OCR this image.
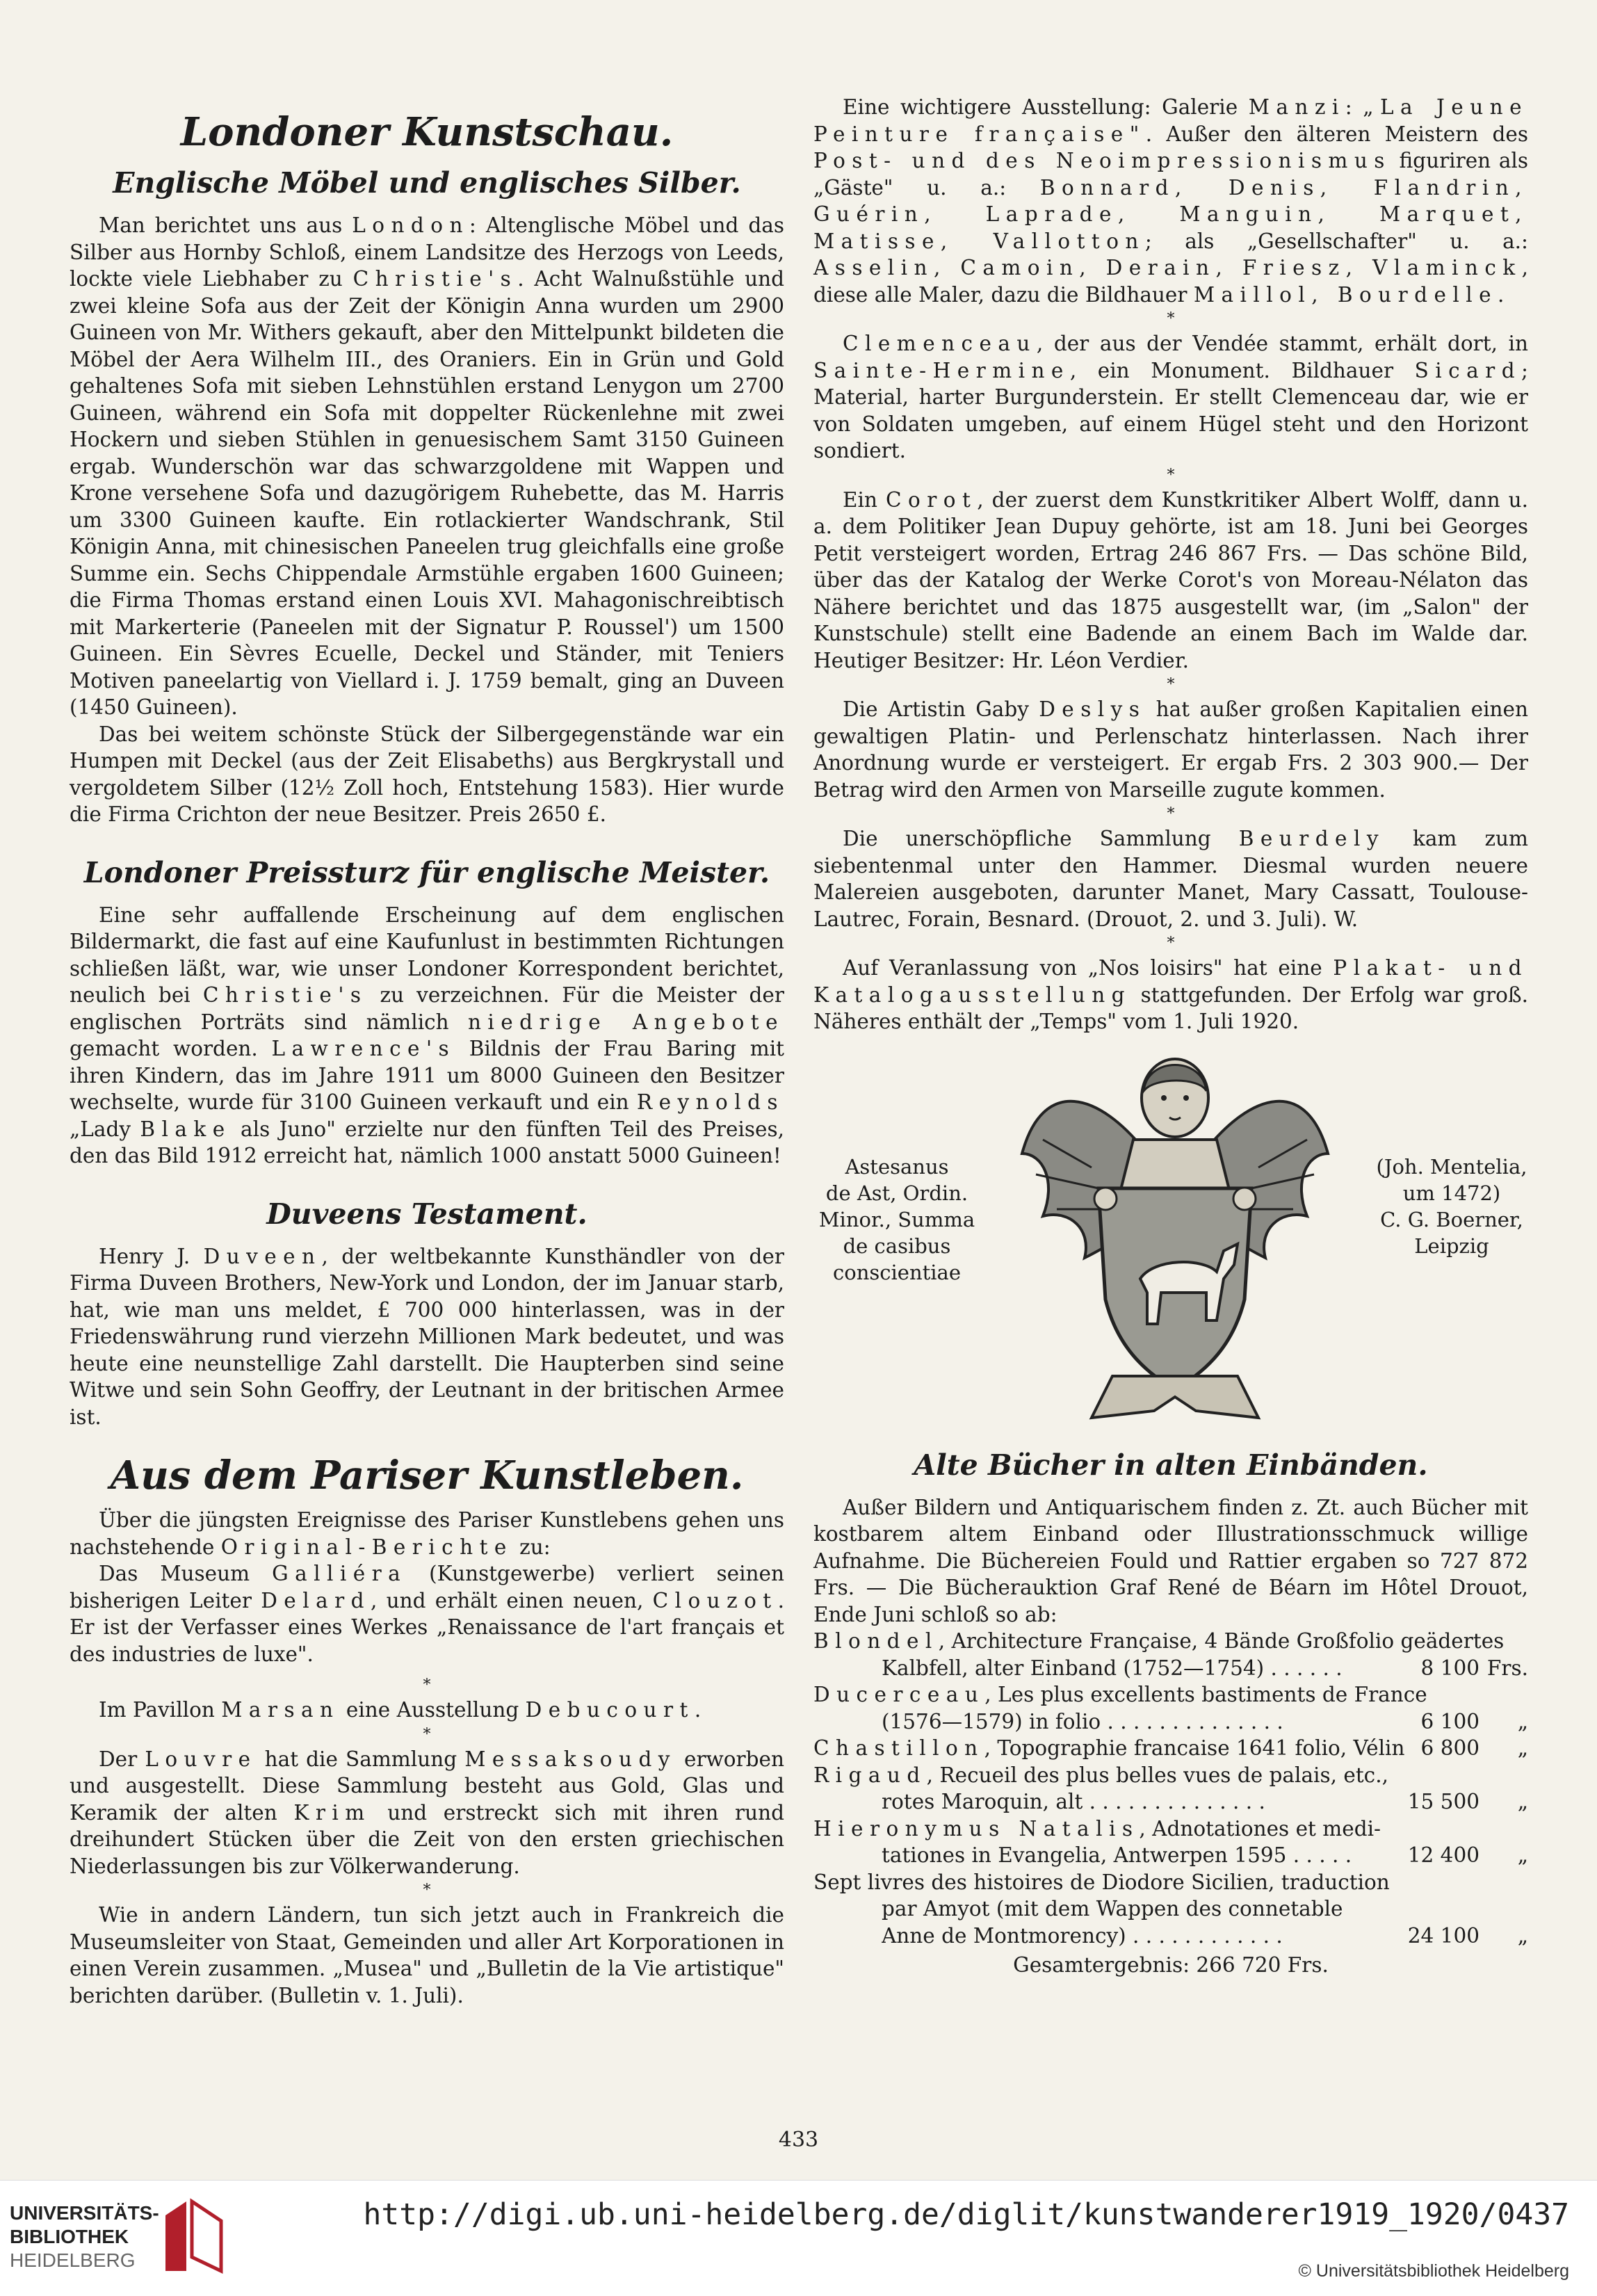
Londoner Kunstschau.
Englische Möbel und englisches Silber.

Man berichtet uns aus London: Altenglische Möbel und das Silber aus Hornby Schloß, einem Landsitze des Herzogs von Leeds, lockte viele Liebhaber zu Christie's. Acht Walnußstühle und zwei kleine Sofa aus der Zeit der Königin Anna wurden um 2900 Guineen von Mr. Withers gekauft, aber den Mittelpunkt bildeten die Möbel der Aera Wilhelm III., des Oraniers. Ein in Grün und Gold gehaltenes Sofa mit sieben Lehnstühlen erstand Lenygon um 2700 Guineen, während ein Sofa mit doppelter Rückenlehne mit zwei Hockern und sieben Stühlen in genuesischem Samt 3150 Guineen ergab. Wunderschön war das schwarzgoldene mit Wappen und Krone versehene Sofa und dazugörigem Ruhebette, das M. Harris um 3300 Guineen kaufte. Ein rotlackierter Wandschrank, Stil Königin Anna, mit chinesischen Paneelen trug gleichfalls eine große Summe ein. Sechs Chippendale Armstühle ergaben 1600 Guineen; die Firma Thomas erstand einen Louis XVI. Mahagonischreibtisch mit Markerterie (Paneelen mit der Signatur P. Roussel') um 1500 Guineen. Ein Sèvres Ecuelle, Deckel und Ständer, mit Teniers Motiven paneelartig von Viellard i. J. 1759 bemalt, ging an Duveen (1450 Guineen).

Das bei weitem schönste Stück der Silbergegenstände war ein Humpen mit Deckel (aus der Zeit Elisabeths) aus Bergkrystall und vergoldetem Silber (12½ Zoll hoch, Entstehung 1583). Hier wurde die Firma Crichton der neue Besitzer. Preis 2650 £.

Londoner Preissturz für englische Meister.

Eine sehr auffallende Erscheinung auf dem englischen Bildermarkt, die fast auf eine Kaufunlust in bestimmten Richtungen schließen läßt, war, wie unser Londoner Korrespondent berichtet, neulich bei Christie's zu verzeichnen. Für die Meister der englischen Porträts sind nämlich niedrige Angebote gemacht worden. Lawrence's Bildnis der Frau Baring mit ihren Kindern, das im Jahre 1911 um 8000 Guineen den Besitzer wechselte, wurde für 3100 Guineen verkauft und ein Reynolds „Lady Blake als Juno" erzielte nur den fünften Teil des Preises, den das Bild 1912 erreicht hat, nämlich 1000 anstatt 5000 Guineen!

Duveens Testament.

Henry J. Duveen, der weltbekannte Kunsthändler von der Firma Duveen Brothers, New-York und London, der im Januar starb, hat, wie man uns meldet, £ 700 000 hinterlassen, was in der Friedenswährung rund vierzehn Millionen Mark bedeutet, und was heute eine neunstellige Zahl darstellt. Die Haupterben sind seine Witwe und sein Sohn Geoffry, der Leutnant in der britischen Armee ist.

Aus dem Pariser Kunstleben.

Über die jüngsten Ereignisse des Pariser Kunstlebens gehen uns nachstehende Original-Berichte zu:

Das Museum Galliéra (Kunstgewerbe) verliert seinen bisherigen Leiter Delard, und erhält einen neuen, Clouzot. Er ist der Verfasser eines Werkes „Renaissance de l'art français et des industries de luxe".

*

Im Pavillon Marsan eine Ausstellung Debucourt.

*

Der Louvre hat die Sammlung Messaksoudy erworben und ausgestellt. Diese Sammlung besteht aus Gold, Glas und Keramik der alten Krim und erstreckt sich mit ihren rund dreihundert Stücken über die Zeit von den ersten griechischen Niederlassungen bis zur Völkerwanderung.

*

Wie in andern Ländern, tun sich jetzt auch in Frankreich die Museumsleiter von Staat, Gemeinden und aller Art Korporationen in einen Verein zusammen. „Musea" und „Bulletin de la Vie artistique" berichten darüber. (Bulletin v. 1. Juli).

Eine wichtigere Ausstellung: Galerie Manzi: „La Jeune Peinture française". Außer den älteren Meistern des Post- und des Neoimpressionismus figuriren als „Gäste" u. a.: Bonnard, Denis, Flandrin, Guérin, Laprade, Manguin, Marquet, Matisse, Vallotton; als „Gesellschafter" u. a.: Asselin, Camoin, Derain, Friesz, Vlaminck, diese alle Maler, dazu die Bildhauer Maillol, Bourdelle.

*

Clemenceau, der aus der Vendée stammt, erhält dort, in Sainte-Hermine, ein Monument. Bildhauer Sicard; Material, harter Burgunderstein. Er stellt Clemenceau dar, wie er von Soldaten umgeben, auf einem Hügel steht und den Horizont sondiert.

*

Ein Corot, der zuerst dem Kunstkritiker Albert Wolff, dann u. a. dem Politiker Jean Dupuy gehörte, ist am 18. Juni bei Georges Petit versteigert worden, Ertrag 246 867 Frs. — Das schöne Bild, über das der Katalog der Werke Corot's von Moreau-Nélaton das Nähere berichtet und das 1875 ausgestellt war, (im „Salon" der Kunstschule) stellt eine Badende an einem Bach im Walde dar. Heutiger Besitzer: Hr. Léon Verdier.

*

Die Artistin Gaby Deslys hat außer großen Kapitalien einen gewaltigen Platin- und Perlenschatz hinterlassen. Nach ihrer Anordnung wurde er versteigert. Er ergab Frs. 2 303 900.— Der Betrag wird den Armen von Marseille zugute kommen.

*

Die unerschöpfliche Sammlung Beurdely kam zum siebentenmal unter den Hammer. Diesmal wurden neuere Malereien ausgeboten, darunter Manet, Mary Cassatt, Toulouse-Lautrec, Forain, Besnard. (Drouot, 2. und 3. Juli). W.

*

Auf Veranlassung von „Nos loisirs" hat eine Plakat- und Katalogausstellung stattgefunden. Der Erfolg war groß. Näheres enthält der „Temps" vom 1. Juli 1920.

Astesanus
de Ast, Ordin.
Minor., Summa
de casibus
conscientiae
(Joh. Mentelia,
um 1472)
C. G. Boerner,
Leipzig
Alte Bücher in alten Einbänden.

Außer Bildern und Antiquarischem finden z. Zt. auch Bücher mit kostbarem altem Einband oder Illustrationsschmuck willige Aufnahme. Die Büchereien Fould und Rattier ergaben so 727 872 Frs. — Die Bücherauktion Graf René de Béarn im Hôtel Drouot, Ende Juni schloß so ab:

Blondel, Architecture Française, 4 Bände Großfolio geädertes
Kalbfell, alter Einband (1752—1754) . . . . . .	8 100 Frs.
Ducerceau, Les plus excellents bastiments de France
(1576—1579) in folio . . . . . . . . . . . . . .	6 100 „
Chastillon, Topographie francaise 1641 folio, Vélin 6 800„
Rigaud, Recueil des plus belles vues de palais, etc.,
rotes Maroquin, alt . . . . . . . . . . . . . .	15 500 „
Hieronymus Natalis, Adnotationes et medi-
tationes in Evangelia, Antwerpen 1595 . . . . .	12 400 „
Sept livres des histoires de Diodore Sicilien, traduction
par Amyot (mit dem Wappen des connetable
Anne de Montmorency) . . . . . . . . . . . .	24 100 „
Gesamtergebnis: 266 720 Frs.
433
UNIVERSITÄTS-
BIBLIOTHEK
HEIDELBERG
http://digi.ub.uni-heidelberg.de/diglit/kunstwanderer1919_1920/0437
© Universitätsbibliothek Heidelberg
